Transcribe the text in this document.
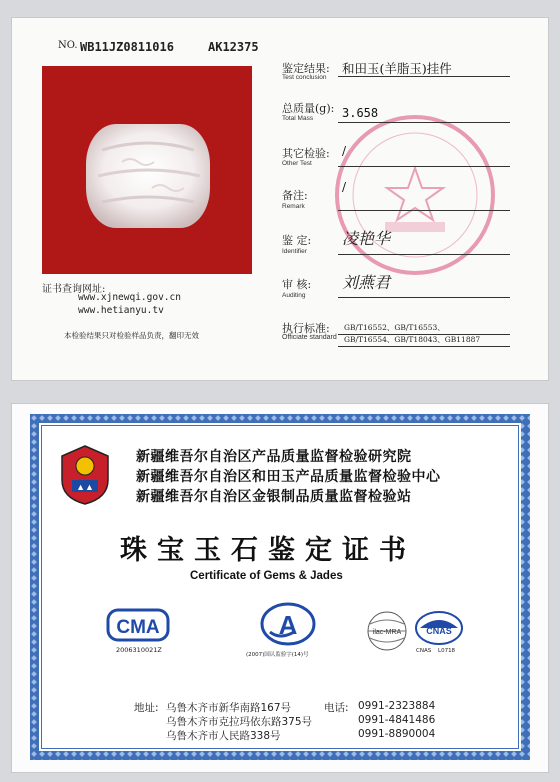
NO. WB11JZ0811016	AK12375
证书查询网址:
www.xjnewqi.gov.cn
www.hetianyu.tv
本检验结果只对检验样品负责，翻印无效
鉴定结果:
Test conclusion
和田玉(羊脂玉)挂件
总质量(g):
Total Mass 3.658
其它检验:
Other Test
/
备注:
Remark
/
鉴 定:
Identifier
凌艳华
审 核:
Auditing
刘燕君
执行标准: GB/T16552、GB/T16553、
Officiate standard GB/T16554、GB/T18043、GB11887
▲▲
新疆维吾尔自治区产品质量监督检验研究院
新疆维吾尔自治区和田玉产品质量监督检验中心
新疆维吾尔自治区金银制品质量监督检验站
珠宝玉石鉴定证书
Certificate of Gems & Jades
CMA
2006310021Z
A
(2007)国认监验字(14)号
ilac-MRA	CNAS
CNAS L0718
地址: 乌鲁木齐市新华南路167号
乌鲁木齐市克拉玛依东路375号
乌鲁木齐市人民路338号
电话: 0991-2323884
0991-4841486
0991-8890004
